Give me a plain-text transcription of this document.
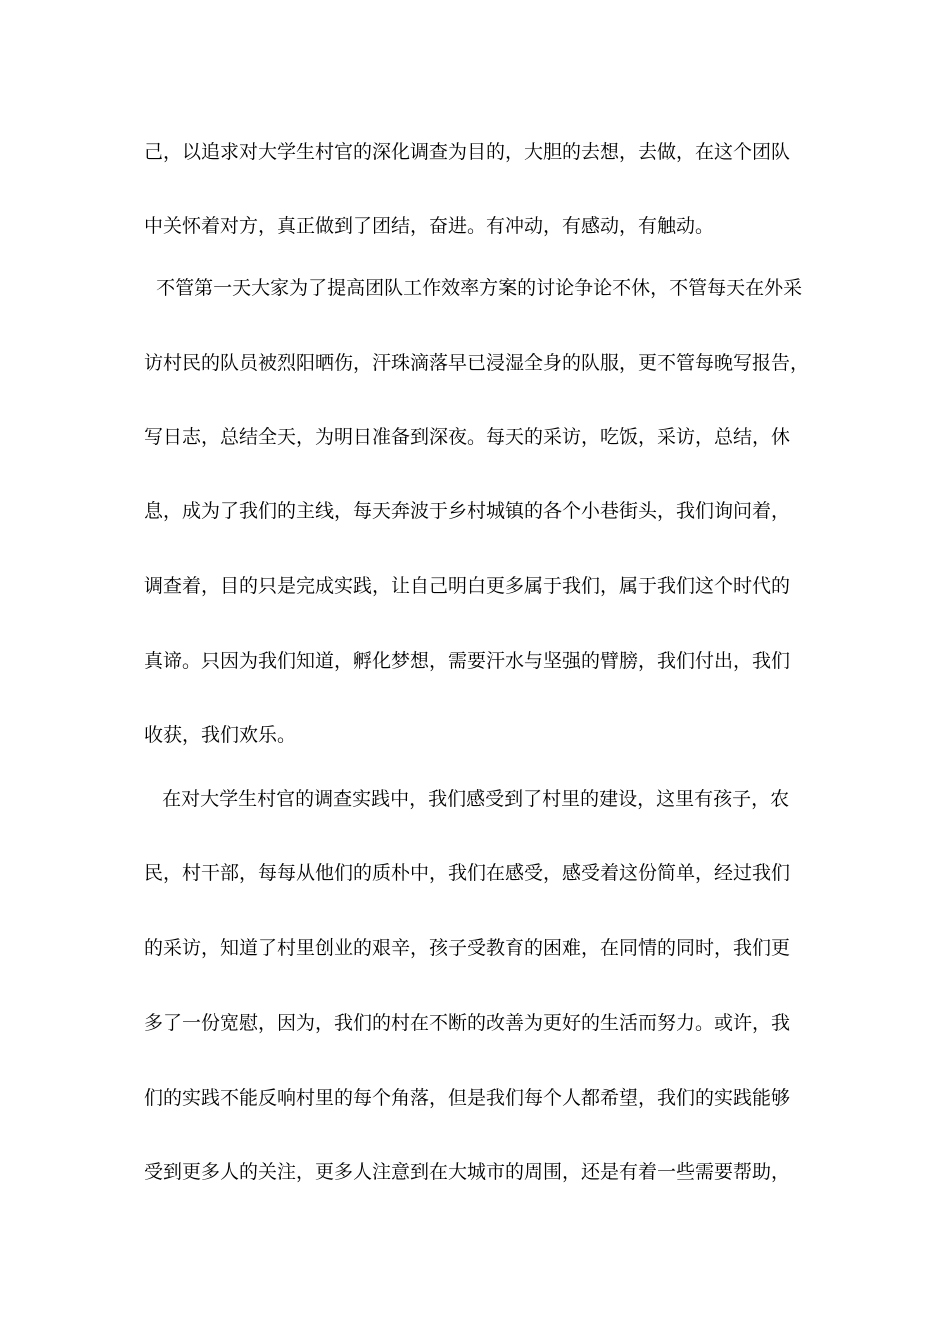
己，以追求对大学生村官的深化调查为目的，大胆的去想，去做，在这个团队
中关怀着对方，真正做到了团结，奋进。有冲动，有感动，有触动。
不管第一天大家为了提高团队工作效率方案的讨论争论不休，不管每天在外采
访村民的队员被烈阳晒伤，汗珠滴落早已浸湿全身的队服，更不管每晚写报告，
写日志，总结全天，为明日准备到深夜。每天的采访，吃饭，采访，总结，休
息，成为了我们的主线，每天奔波于乡村城镇的各个小巷街头，我们询问着，
调查着，目的只是完成实践，让自己明白更多属于我们，属于我们这个时代的
真谛。只因为我们知道，孵化梦想，需要汗水与坚强的臂膀，我们付出，我们
收获，我们欢乐。
在对大学生村官的调查实践中，我们感受到了村里的建设，这里有孩子，农
民，村干部，每每从他们的质朴中，我们在感受，感受着这份简单，经过我们
的采访，知道了村里创业的艰辛，孩子受教育的困难，在同情的同时，我们更
多了一份宽慰，因为，我们的村在不断的改善为更好的生活而努力。或许，我
们的实践不能反响村里的每个角落，但是我们每个人都希望，我们的实践能够
受到更多人的关注，更多人注意到在大城市的周围，还是有着一些需要帮助，
